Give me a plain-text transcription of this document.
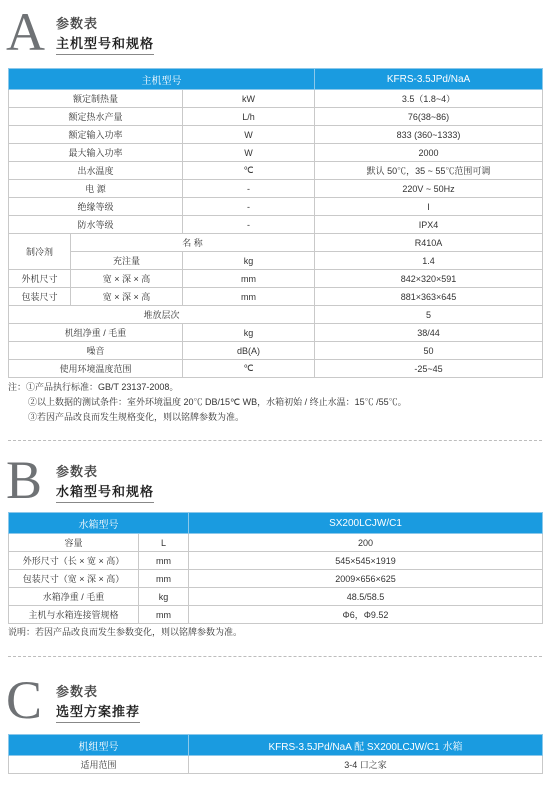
A 参数表
主机型号和规格
主机型号			KFRS-3.5JPd/NaA
额定制热量		kW	3.5（1.8~4）
额定热水产量		L/h	76(38~86)
额定输入功率		W	833 (360~1333)
最大输入功率		W	2000
出水温度		℃	默认 50℃，35 ~ 55℃范围可调
电 源		-	220V ~ 50Hz
绝缘等级		-	I
防水等级		-	IPX4
制冷剂	名 称		R410A
	充注量	kg	1.4
外机尺寸	宽 × 深 × 高	mm	842×320×591
包装尺寸	宽 × 深 × 高	mm	881×363×645
堆放层次			5
机组净重 / 毛重		kg	38/44
噪音		dB(A)	50
使用环境温度范围		℃	-25~45
注：①产品执行标准：GB/T 23137-2008。
②以上数据的测试条件：室外环境温度 20℃ DB/15℃ WB，水箱初始 / 终止水温：15℃ /55℃。
③若因产品改良而发生规格变化，则以铭牌参数为准。
B 参数表
水箱型号和规格
水箱型号		SX200LCJW/C1
容量	L	200
外形尺寸（长 × 宽 × 高）	mm	545×545×1919
包装尺寸（宽 × 深 × 高）	mm	2009×656×625
水箱净重 / 毛重	kg	48.5/58.5
主机与水箱连接管规格	mm	Φ6，Φ9.52
说明：若因产品改良而发生参数变化，则以铭牌参数为准。
C 参数表
选型方案推荐
机组型号	KFRS-3.5JPd/NaA 配 SX200LCJW/C1 水箱
适用范围	3-4 口之家
